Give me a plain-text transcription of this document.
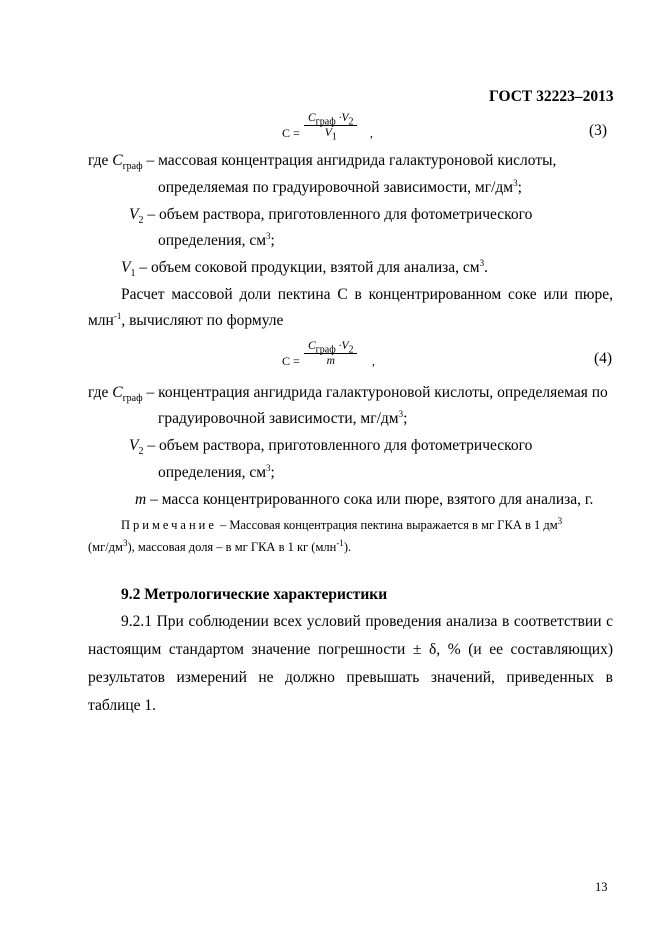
ГОСТ 32223–2013
C =
$C_{граф} \cdot V_2$
$V_1$	,	(3)
где $C_{граф}$ – массовая концентрация ангидрида галактуроновой кислоты,
определяемая по градуировочной зависимости, $мг/дм^3$;
$V_2$ – объем раствора, приготовленного для фотометрического
определения, $см^3$;
$V_1$ – объем соковой продукции, взятой для анализа, $см^3$.
Расчет массовой доли пектина C в концентрированном соке или пюре,
млн$^{-1}$, вычисляют по формуле
C =
$C_{граф} \cdot V_2$
m	,	(4)
где $C_{граф}$ – концентрация ангидрида галактуроновой кислоты, определяемая по
градуировочной зависимости, $мг/дм^3$;
$V_2$ – объем раствора, приготовленного для фотометрического
определения, $см^3$;
m – масса концентрированного сока или пюре, взятого для анализа, г.
Примечание – Массовая концентрация пектина выражается в мг ГКА в 1 $дм^3$
$(мг/дм^3)$, массовая доля – в мг ГКА в 1 кг (млн$^{-1}$).
9.2 Метрологические характеристики
9.2.1 При соблюдении всех условий проведения анализа в соответствии с
настоящим стандартом значение погрешности ± δ, % (и ее составляющих)
результатов измерений не должно превышать значений, приведенных в
таблице 1.
13
